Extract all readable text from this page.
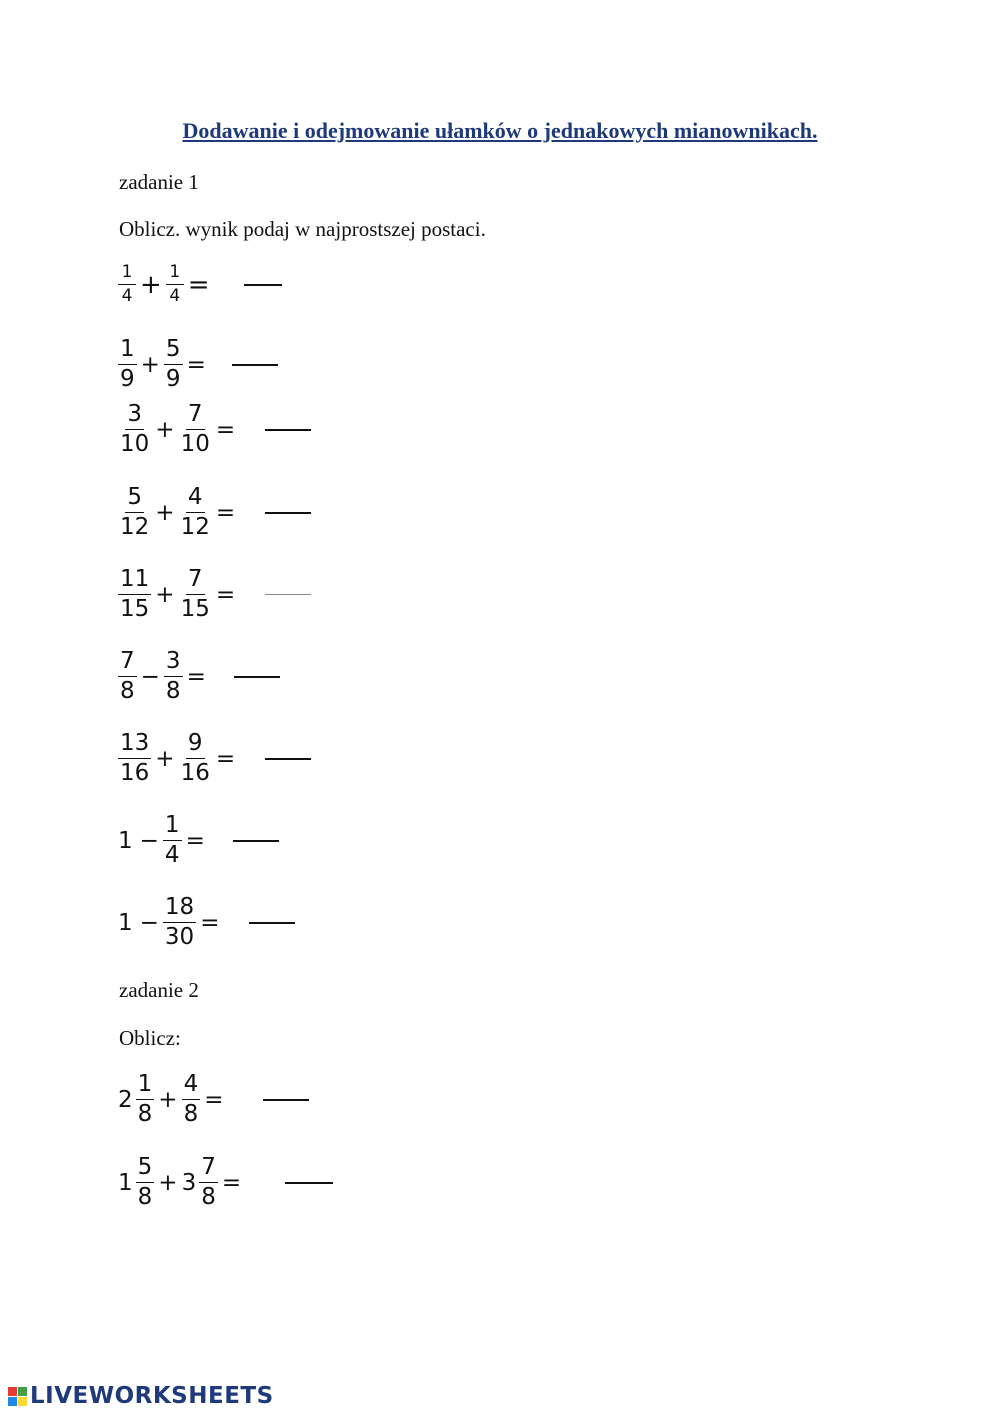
Dodawanie i odejmowanie ułamków o jednakowych mianownikach.
zadanie 1
Oblicz. wynik podaj w najprostszej postaci.
$\frac{1}{4} + \frac{1}{4}$ =
$\frac{1}{9} + \frac{5}{9}$ =
$\frac{3}{10} + \frac{7}{10}$ =
$\frac{5}{12} + \frac{4}{12}$ =
$\frac{11}{15} + \frac{7}{15}$ =
$\frac{7}{8} - \frac{3}{8}$ =
$\frac{13}{16} + \frac{9}{16}$ =
$1 - \frac{1}{4}$ =
$1 - \frac{18}{30}$ =
zadanie 2
Oblicz:
$2 \frac{1}{8} + \frac{4}{8}$ =
$1 \frac{5}{8} + 3 \frac{7}{8}$ =
LIVEWORKSHEETS
